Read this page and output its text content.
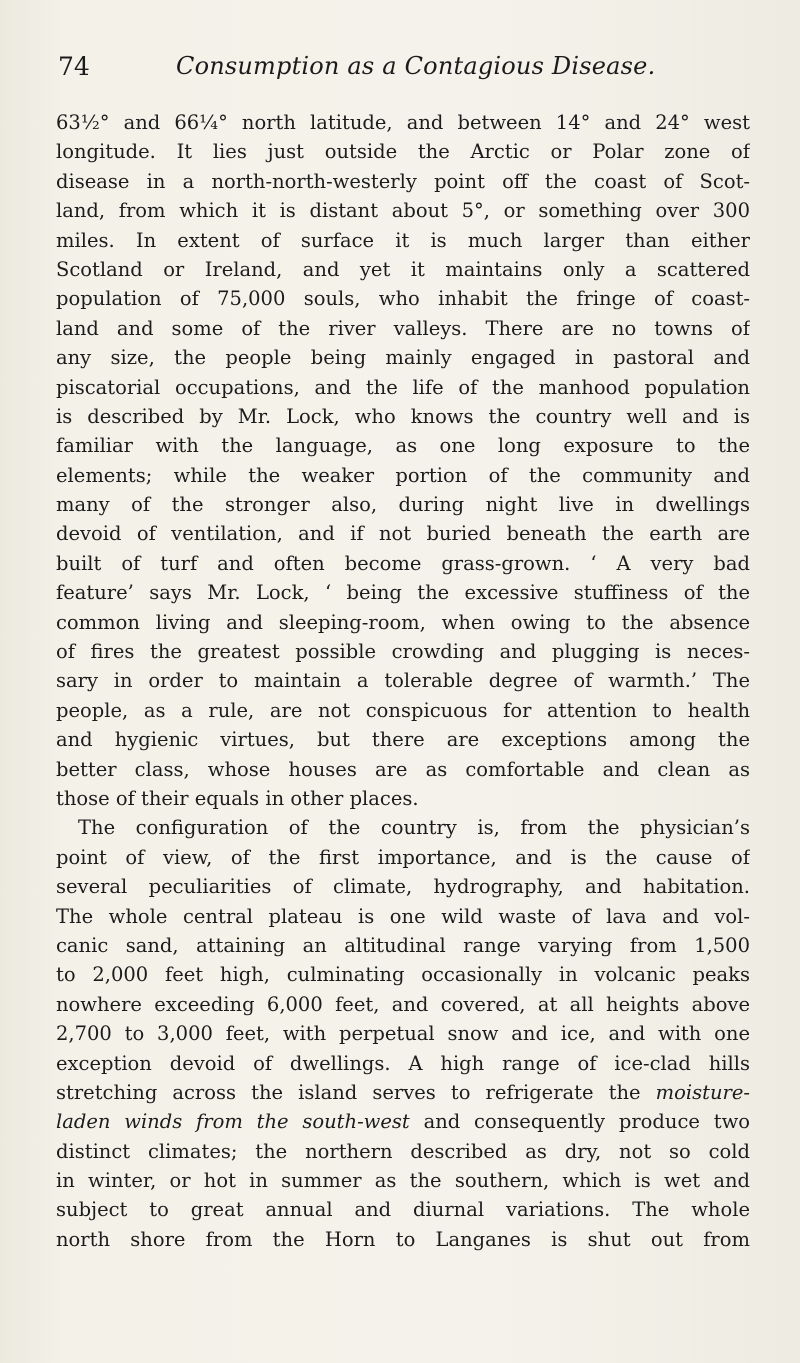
74	Consumption as a Contagious Disease.
63½° and 66¼° north latitude, and between 14° and 24° west
longitude. It lies just outside the Arctic or Polar zone of
disease in a north-north-westerly point off the coast of Scot-
land, from which it is distant about 5°, or something over 300
miles. In extent of surface it is much larger than either
Scotland or Ireland, and yet it maintains only a scattered
population of 75,000 souls, who inhabit the fringe of coast-
land and some of the river valleys. There are no towns of
any size, the people being mainly engaged in pastoral and
piscatorial occupations, and the life of the manhood population
is described by Mr. Lock, who knows the country well and is
familiar with the language, as one long exposure to the
elements; while the weaker portion of the community and
many of the stronger also, during night live in dwellings
devoid of ventilation, and if not buried beneath the earth are
built of turf and often become grass-grown. ‘ A very bad
feature’ says Mr. Lock, ‘ being the excessive stuffiness of the
common living and sleeping-room, when owing to the absence
of fires the greatest possible crowding and plugging is neces-
sary in order to maintain a tolerable degree of warmth.’ The
people, as a rule, are not conspicuous for attention to health
and hygienic virtues, but there are exceptions among the
better class, whose houses are as comfortable and clean as
those of their equals in other places.
The configuration of the country is, from the physician’s
point of view, of the first importance, and is the cause of
several peculiarities of climate, hydrography, and habitation.
The whole central plateau is one wild waste of lava and vol-
canic sand, attaining an altitudinal range varying from 1,500
to 2,000 feet high, culminating occasionally in volcanic peaks
nowhere exceeding 6,000 feet, and covered, at all heights above
2,700 to 3,000 feet, with perpetual snow and ice, and with one
exception devoid of dwellings. A high range of ice-clad hills
stretching across the island serves to refrigerate the moisture-
laden winds from the south-west and consequently produce two
distinct climates; the northern described as dry, not so cold
in winter, or hot in summer as the southern, which is wet and
subject to great annual and diurnal variations. The whole
north shore from the Horn to Langanes is shut out from
